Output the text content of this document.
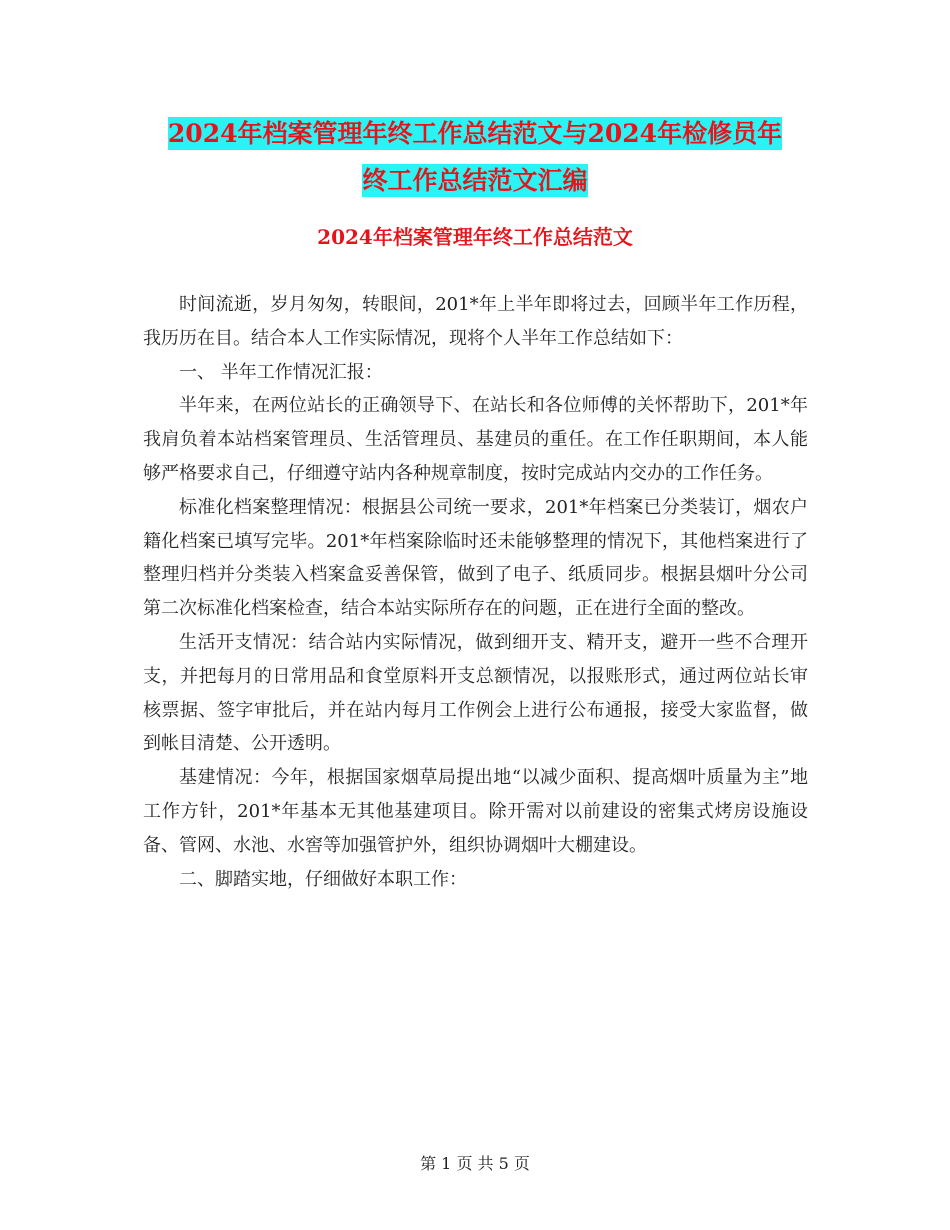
2024年档案管理年终工作总结范文与2024年检修员年
终工作总结范文汇编
2024年档案管理年终工作总结范文

时间流逝，岁月匆匆，转眼间，201*年上半年即将过去，回顾半年工作历程，我历历在目。结合本人工作实际情况，现将个人半年工作总结如下：

一、 半年工作情况汇报：

半年来，在两位站长的正确领导下、在站长和各位师傅的关怀帮助下，201*年我肩负着本站档案管理员、生活管理员、基建员的重任。在工作任职期间，本人能够严格要求自己，仔细遵守站内各种规章制度，按时完成站内交办的工作任务。

标准化档案整理情况：根据县公司统一要求，201*年档案已分类装订，烟农户籍化档案已填写完毕。201*年档案除临时还未能够整理的情况下，其他档案进行了整理归档并分类装入档案盒妥善保管，做到了电子、纸质同步。根据县烟叶分公司第二次标准化档案检查，结合本站实际所存在的问题，正在进行全面的整改。

生活开支情况：结合站内实际情况，做到细开支、精开支，避开一些不合理开支，并把每月的日常用品和食堂原料开支总额情况，以报账形式，通过两位站长审核票据、签字审批后，并在站内每月工作例会上进行公布通报，接受大家监督，做到帐目清楚、公开透明。

基建情况：今年，根据国家烟草局提出地“以减少面积、提高烟叶质量为主”地工作方针，201*年基本无其他基建项目。除开需对以前建设的密集式烤房设施设备、管网、水池、水窖等加强管护外，组织协调烟叶大棚建设。

二、脚踏实地，仔细做好本职工作：

第 1 页 共 5 页
